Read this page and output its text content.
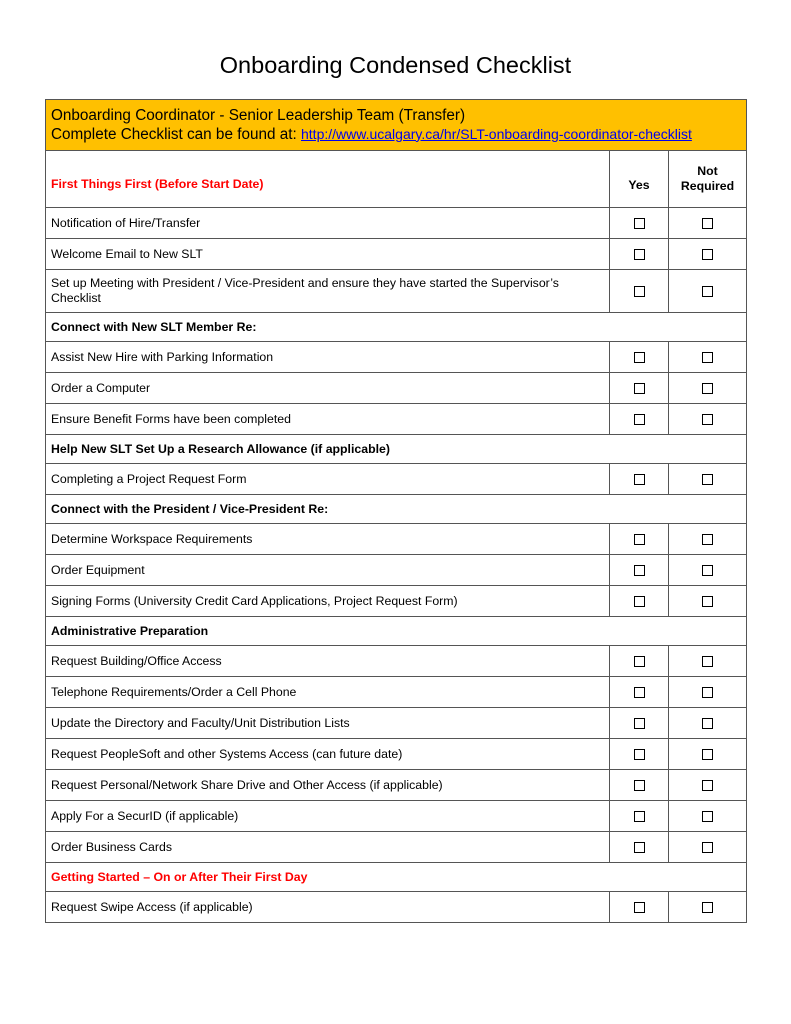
Onboarding Condensed Checklist
Onboarding Coordinator - Senior Leadership Team (Transfer)
Complete Checklist can be found at: http://www.ucalgary.ca/hr/SLT-onboarding-coordinator-checklist		

First Things First (Before Start Date)	Yes	Not
Required

Notification of Hire/Transfer		
Welcome Email to New SLT		
Set up Meeting with President / Vice-President and ensure they have started the Supervisor’s Checklist		
Connect with New SLT Member Re:		
Assist New Hire with Parking Information		
Order a Computer		
Ensure Benefit Forms have been completed		
Help New SLT Set Up a Research Allowance (if applicable)		
Completing a Project Request Form		
Connect with the President / Vice-President Re:		
Determine Workspace Requirements		
Order Equipment		
Signing Forms (University Credit Card Applications, Project Request Form)		
Administrative Preparation		
Request Building/Office Access		
Telephone Requirements/Order a Cell Phone		
Update the Directory and Faculty/Unit Distribution Lists		
Request PeopleSoft and other Systems Access (can future date)		
Request Personal/Network Share Drive and Other Access (if applicable)		
Apply For a SecurID (if applicable)		
Order Business Cards		
Getting Started – On or After Their First Day		
Request Swipe Access (if applicable)		
